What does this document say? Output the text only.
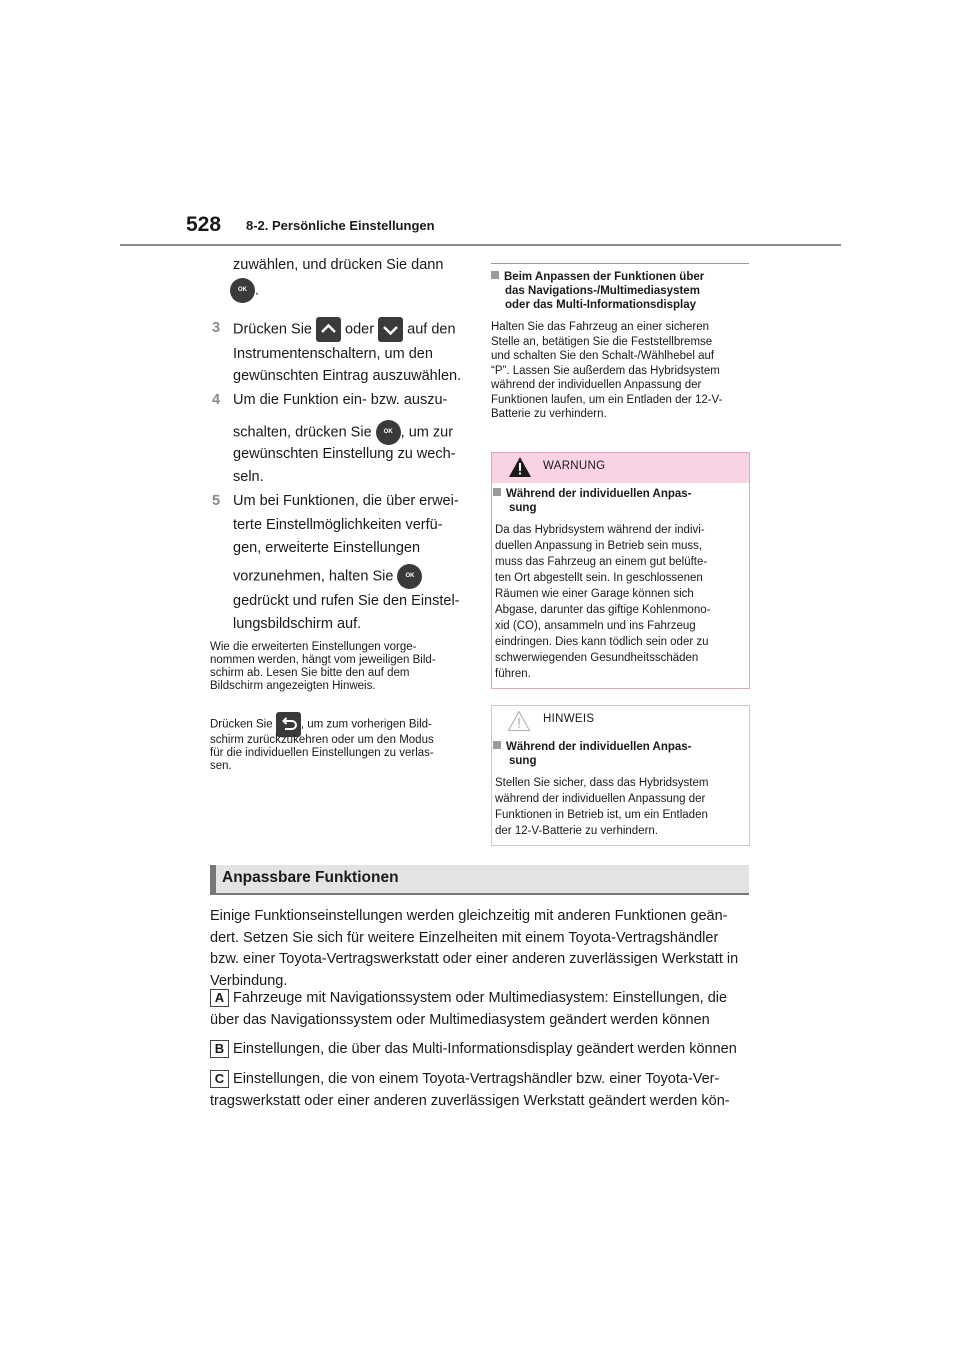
528 8-2. Persönliche Einstellungen
zuwählen, und drücken Sie dann
OK .
3 Drücken Sie oder auf den
Instrumentenschaltern, um den
gewünschten Eintrag auszuwählen.
4 Um die Funktion ein- bzw. auszu-
schalten, drücken Sie OK , um zur
gewünschten Einstellung zu wech-
seln.
5 Um bei Funktionen, die über erwei-
terte Einstellmöglichkeiten verfü-
gen, erweiterte Einstellungen
vorzunehmen, halten Sie OK
gedrückt und rufen Sie den Einstel-
lungsbildschirm auf.
Wie die erweiterten Einstellungen vorge-
nommen werden, hängt vom jeweiligen Bild-
schirm ab. Lesen Sie bitte den auf dem
Bildschirm angezeigten Hinweis.
Drücken Sie , um zum vorherigen Bild-
schirm zurückzukehren oder um den Modus
für die individuellen Einstellungen zu verlas-
sen.
Beim Anpassen der Funktionen über
das Navigations-/Multimediasystem
oder das Multi-Informationsdisplay
Halten Sie das Fahrzeug an einer sicheren
Stelle an, betätigen Sie die Feststellbremse
und schalten Sie den Schalt-/Wählhebel auf
“P”. Lassen Sie außerdem das Hybridsystem
während der individuellen Anpassung der
Funktionen laufen, um ein Entladen der 12-V-
Batterie zu verhindern.
WARNUNG
Während der individuellen Anpas-
sung
Da das Hybridsystem während der indivi-
duellen Anpassung in Betrieb sein muss,
muss das Fahrzeug an einem gut belüfte-
ten Ort abgestellt sein. In geschlossenen
Räumen wie einer Garage können sich
Abgase, darunter das giftige Kohlenmono-
xid (CO), ansammeln und ins Fahrzeug
eindringen. Dies kann tödlich sein oder zu
schwerwiegenden Gesundheitsschäden
führen.
HINWEIS
Während der individuellen Anpas-
sung
Stellen Sie sicher, dass das Hybridsystem
während der individuellen Anpassung der
Funktionen in Betrieb ist, um ein Entladen
der 12-V-Batterie zu verhindern.
Anpassbare Funktionen
Einige Funktionseinstellungen werden gleichzeitig mit anderen Funktionen geän-
dert. Setzen Sie sich für weitere Einzelheiten mit einem Toyota-Vertragshändler
bzw. einer Toyota-Vertragswerkstatt oder einer anderen zuverlässigen Werkstatt in
Verbindung.
A Fahrzeuge mit Navigationssystem oder Multimediasystem: Einstellungen, die
über das Navigationssystem oder Multimediasystem geändert werden können
B Einstellungen, die über das Multi-Informationsdisplay geändert werden können
C Einstellungen, die von einem Toyota-Vertragshändler bzw. einer Toyota-Ver-
tragswerkstatt oder einer anderen zuverlässigen Werkstatt geändert werden kön-
